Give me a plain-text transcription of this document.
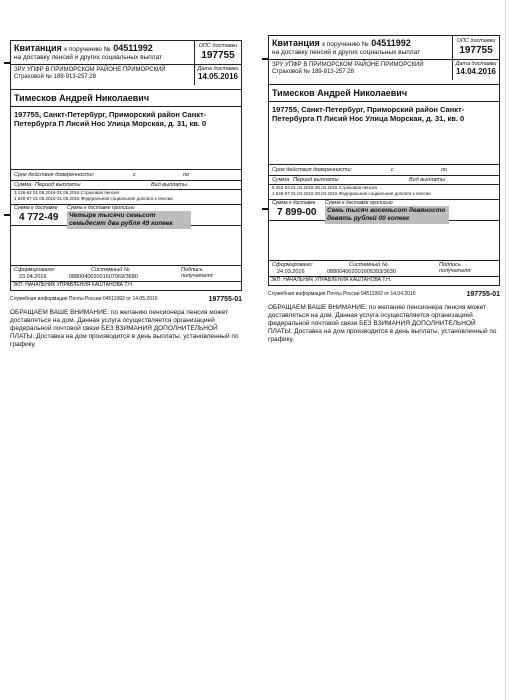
Квитанция к поручению № 04511992
на доставку пенсий и других социальных выплат
ОПС доставки
197755
Дата доставки
14.05.2016
ЗРУ УПФР В ПРИМОРСКОМ РАЙОНЕ ПРИМОРСКИЙ
Страховой № 189-913-257 28
Тимесков Андрей Николаевич
197755, Санкт-Петербург, Приморский район Санкт-Петербурга П Лисий Нос Улица Морская, д. 31, кв. 0
Срок действия доверенности:	с	по
Сумма Период выплаты	Вид выплаты
3 126-62 01.05.2016-31.05.2016 Страховая пенсия
1 645-87 01.05.2016-31.05.2016 Федеральная социальная доплата к пенсии
Сумма к доставке
4 772-49
Сумма к доставке прописью
Четыре тысячи семьсот семьдесят два рубля 49 копеек
Сформировано:
23.04.2016
Системный №
088004002001607069/3680
Подпись получателя:
ЗКП: НАЧАЛЬНИК УПРАВЛЕНИЯ КАШТАНОВА Т.Н.
Служебная информация Почты России 04511992 от 14.05.2016	197755-01
ОБРАЩАЕМ ВАШЕ ВНИМАНИЕ: по желанию пенсионера пенсия может доставляться на дом. Данная услуга осуществляется организацией федеральной почтовой связи БЕЗ ВЗИМАНИЯ ДОПОЛНИТЕЛЬНОЙ ПЛАТЫ. Доставка на дом производится в день выплаты, установленный по графику.
Квитанция к поручению № 04511992
на доставку пенсий и других социальных выплат
ОПС доставки
197755
Дата доставки
14.04.2016
ЗРУ УПФР В ПРИМОРСКОМ РАЙОНЕ ПРИМОРСКИЙ
Страховой № 189-913-257 28
Тимесков Андрей Николаевич
197755, Санкт-Петербург, Приморский район Санкт-Петербурга П Лисий Нос Улица Морская, д. 31, кв. 0
Срок действия доверенности:	с	по
Сумма Период выплаты	Вид выплаты
6 253-03 01.04.2016-30.04.2016 Страховая пенсия
1 645-97 01.04.2016-30.04.2016 Федеральная социальная доплата к пенсии
Сумма к доставке
7 899-00
Сумма к доставке прописью
Семь тысяч восемьсот девяносто девять рублей 00 копеек
Сформировано:
24.03.2016
Системный №
088004002001605393/3630
Подпись получателя:
ЗКП: НАЧАЛЬНИК УПРАВЛЕНИЯ КАШТАНОВА Т.Н.
Служебная информация Почты России 04511992 от 14.04.2016	197755-01
ОБРАЩАЕМ ВАШЕ ВНИМАНИЕ: по желанию пенсионера пенсия может доставляться на дом. Данная услуга осуществляется организацией федеральной почтовой связи БЕЗ ВЗИМАНИЯ ДОПОЛНИТЕЛЬНОЙ ПЛАТЫ. Доставка на дом производится в день выплаты, установленный по графику.
